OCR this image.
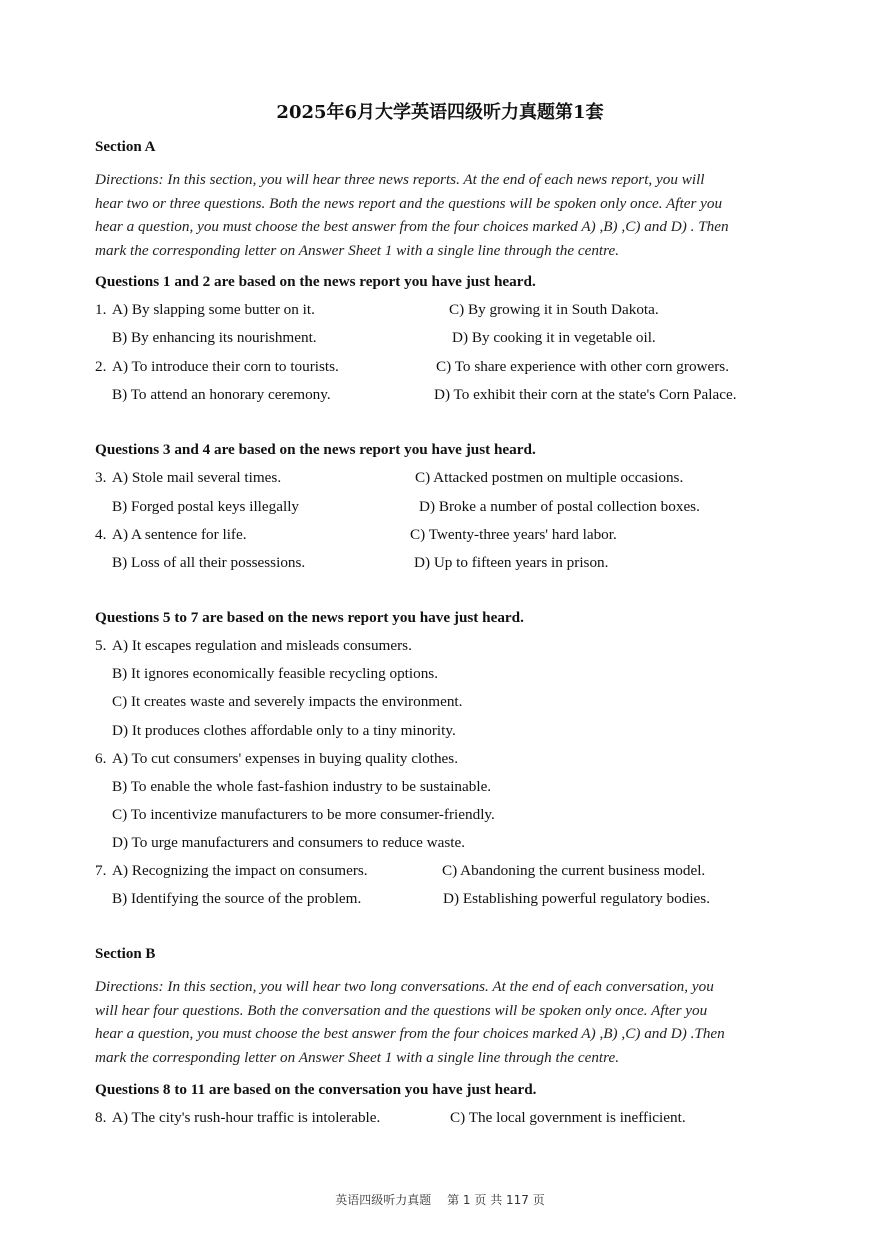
2025年6月大学英语四级听力真题第1套
Section A
Directions: In this section, you will hear three news reports. At the end of each news report, you will
hear two or three questions. Both the news report and the questions will be spoken only once. After you
hear a question, you must choose the best answer from the four choices marked A) ,B) ,C) and D) . Then
mark the corresponding letter on Answer Sheet 1 with a single line through the centre.
Questions 1 and 2 are based on the news report you have just heard.
1. A) By slapping some butter on it.	C) By growing it in South Dakota.
B) By enhancing its nourishment.	D) By cooking it in vegetable oil.
2. A) To introduce their corn to tourists.	C) To share experience with other corn growers.
B) To attend an honorary ceremony.	D) To exhibit their corn at the state's Corn Palace.
Questions 3 and 4 are based on the news report you have just heard.
3. A) Stole mail several times.	C) Attacked postmen on multiple occasions.
B) Forged postal keys illegally	D) Broke a number of postal collection boxes.
4. A) A sentence for life.	C) Twenty-three years' hard labor.
B) Loss of all their possessions.	D) Up to fifteen years in prison.
Questions 5 to 7 are based on the news report you have just heard.
5. A) It escapes regulation and misleads consumers.
B) It ignores economically feasible recycling options.
C) It creates waste and severely impacts the environment.
D) It produces clothes affordable only to a tiny minority.
6. A) To cut consumers' expenses in buying quality clothes.
B) To enable the whole fast-fashion industry to be sustainable.
C) To incentivize manufacturers to be more consumer-friendly.
D) To urge manufacturers and consumers to reduce waste.
7. A) Recognizing the impact on consumers.	C) Abandoning the current business model.
B) Identifying the source of the problem.	D) Establishing powerful regulatory bodies.
Section B
Directions: In this section, you will hear two long conversations. At the end of each conversation, you
will hear four questions. Both the conversation and the questions will be spoken only once. After you
hear a question, you must choose the best answer from the four choices marked A) ,B) ,C) and D) .Then
mark the corresponding letter on Answer Sheet 1 with a single line through the centre.
Questions 8 to 11 are based on the conversation you have just heard.
8. A) The city's rush-hour traffic is intolerable.	C) The local government is inefficient.
英语四级听力真题 第 1 页 共 117 页
